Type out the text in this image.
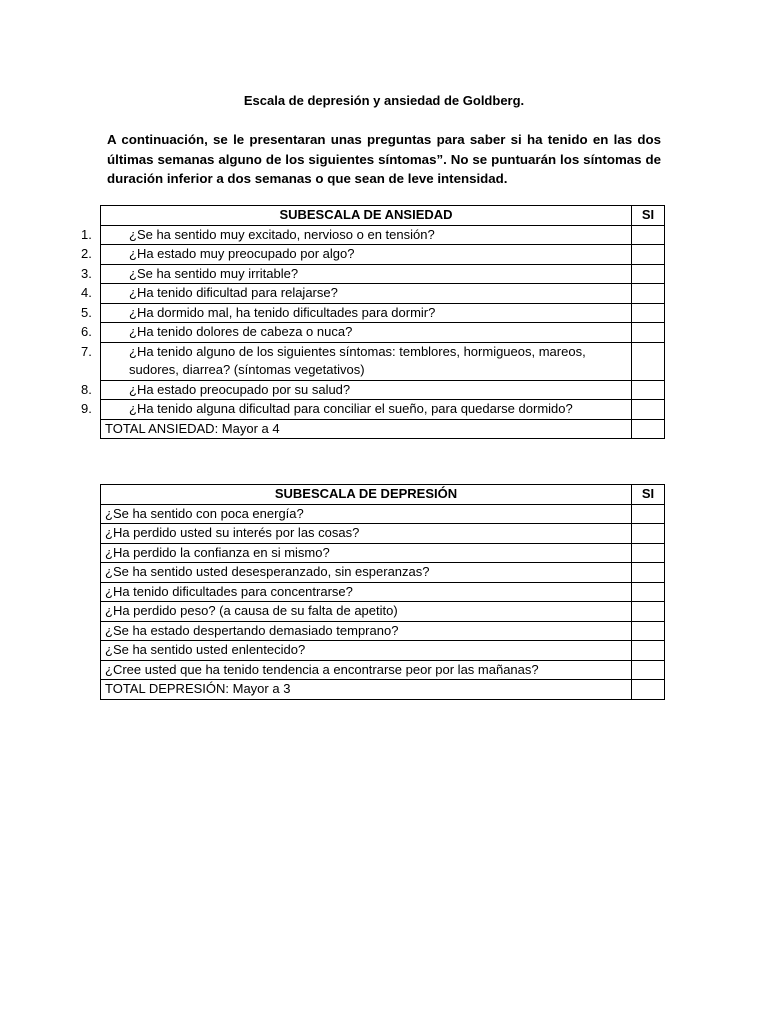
Escala de depresión y ansiedad de Goldberg.
A continuación, se le presentaran unas preguntas para saber si ha tenido en las dos últimas semanas alguno de los siguientes síntomas”. No se puntuarán los síntomas de duración inferior a dos semanas o que sean de leve intensidad.
SUBESCALA DE ANSIEDAD	SI

1. ¿Se ha sentido muy excitado, nervioso o en tensión?	

2. ¿Ha estado muy preocupado por algo?	

3. ¿Se ha sentido muy irritable?	

4. ¿Ha tenido dificultad para relajarse?	

5. ¿Ha dormido mal, ha tenido dificultades para dormir?	

6. ¿Ha tenido dolores de cabeza o nuca?	

7. ¿Ha tenido alguno de los siguientes síntomas: temblores, hormigueos, mareos, sudores, diarrea? (síntomas vegetativos)	

8. ¿Ha estado preocupado por su salud?	

9. ¿Ha tenido alguna dificultad para conciliar el sueño, para quedarse dormido?	

TOTAL ANSIEDAD: Mayor a 4	
SUBESCALA DE DEPRESIÓN	SI
¿Se ha sentido con poca energía?	
¿Ha perdido usted su interés por las cosas?	
¿Ha perdido la confianza en si mismo?	
¿Se ha sentido usted desesperanzado, sin esperanzas?	
¿Ha tenido dificultades para concentrarse?	
¿Ha perdido peso? (a causa de su falta de apetito)	
¿Se ha estado despertando demasiado temprano?	
¿Se ha sentido usted enlentecido?	
¿Cree usted que ha tenido tendencia a encontrarse peor por las mañanas?	
TOTAL DEPRESIÓN: Mayor a 3	
